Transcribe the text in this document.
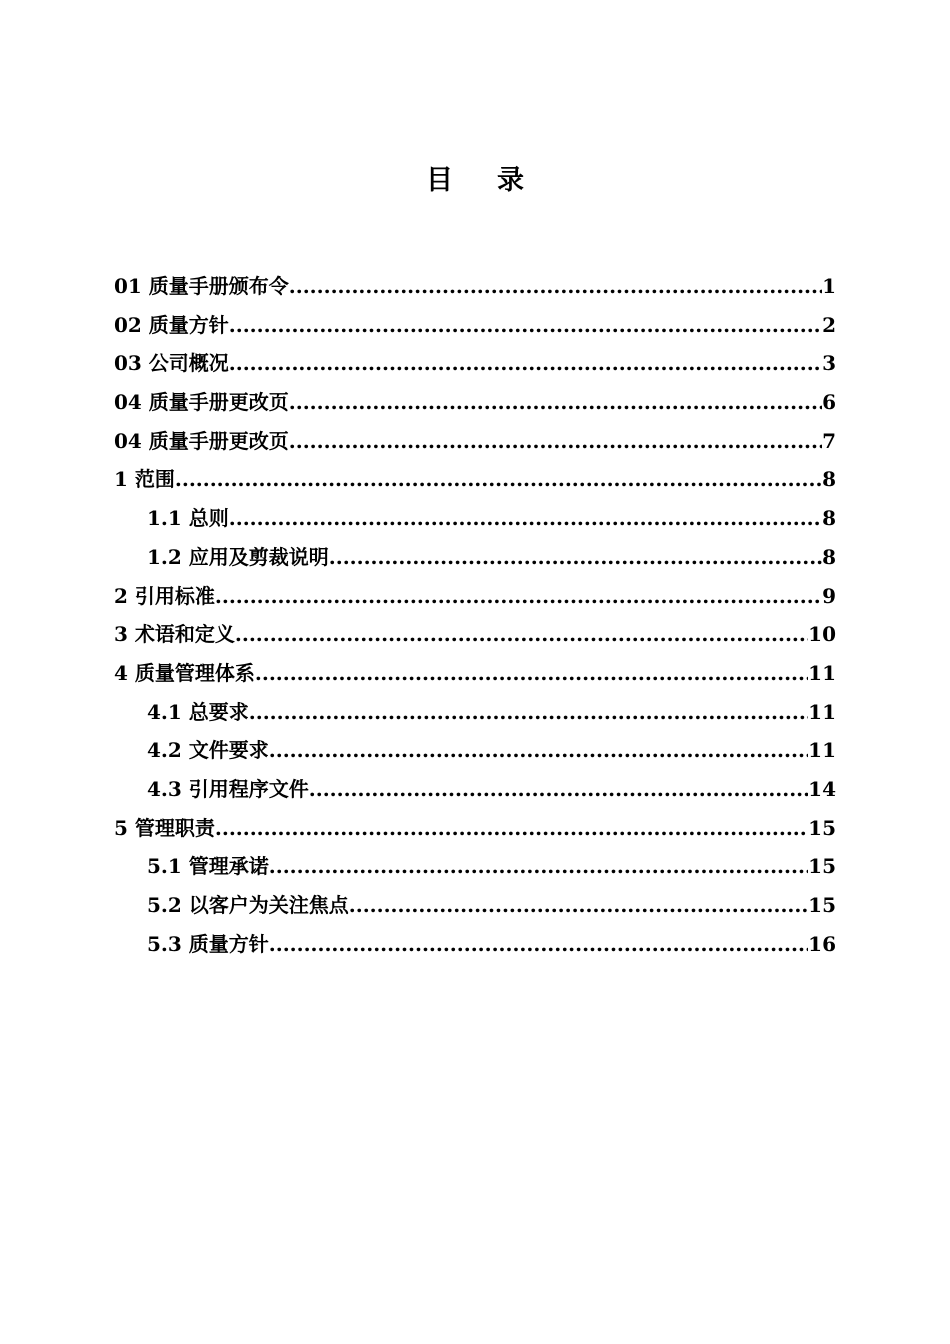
目录
01 质量手册颁布令 .....	1
02 质量方针 .....	2
03 公司概况 .....	3
04 质量手册更改页 .....	6
04 质量手册更改页 .....	7
1 范围 .....	8
1.1 总则 .....	8
1.2 应用及剪裁说明 .....	8
2 引用标准 .....	9
3 术语和定义 .....	10
4 质量管理体系 .....	11
4.1 总要求 .....	11
4.2 文件要求 .....	11
4.3 引用程序文件 .....	14
5 管理职责 .....	15
5.1 管理承诺 .....	15
5.2 以客户为关注焦点 .....	15
5.3 质量方针 .....	16
